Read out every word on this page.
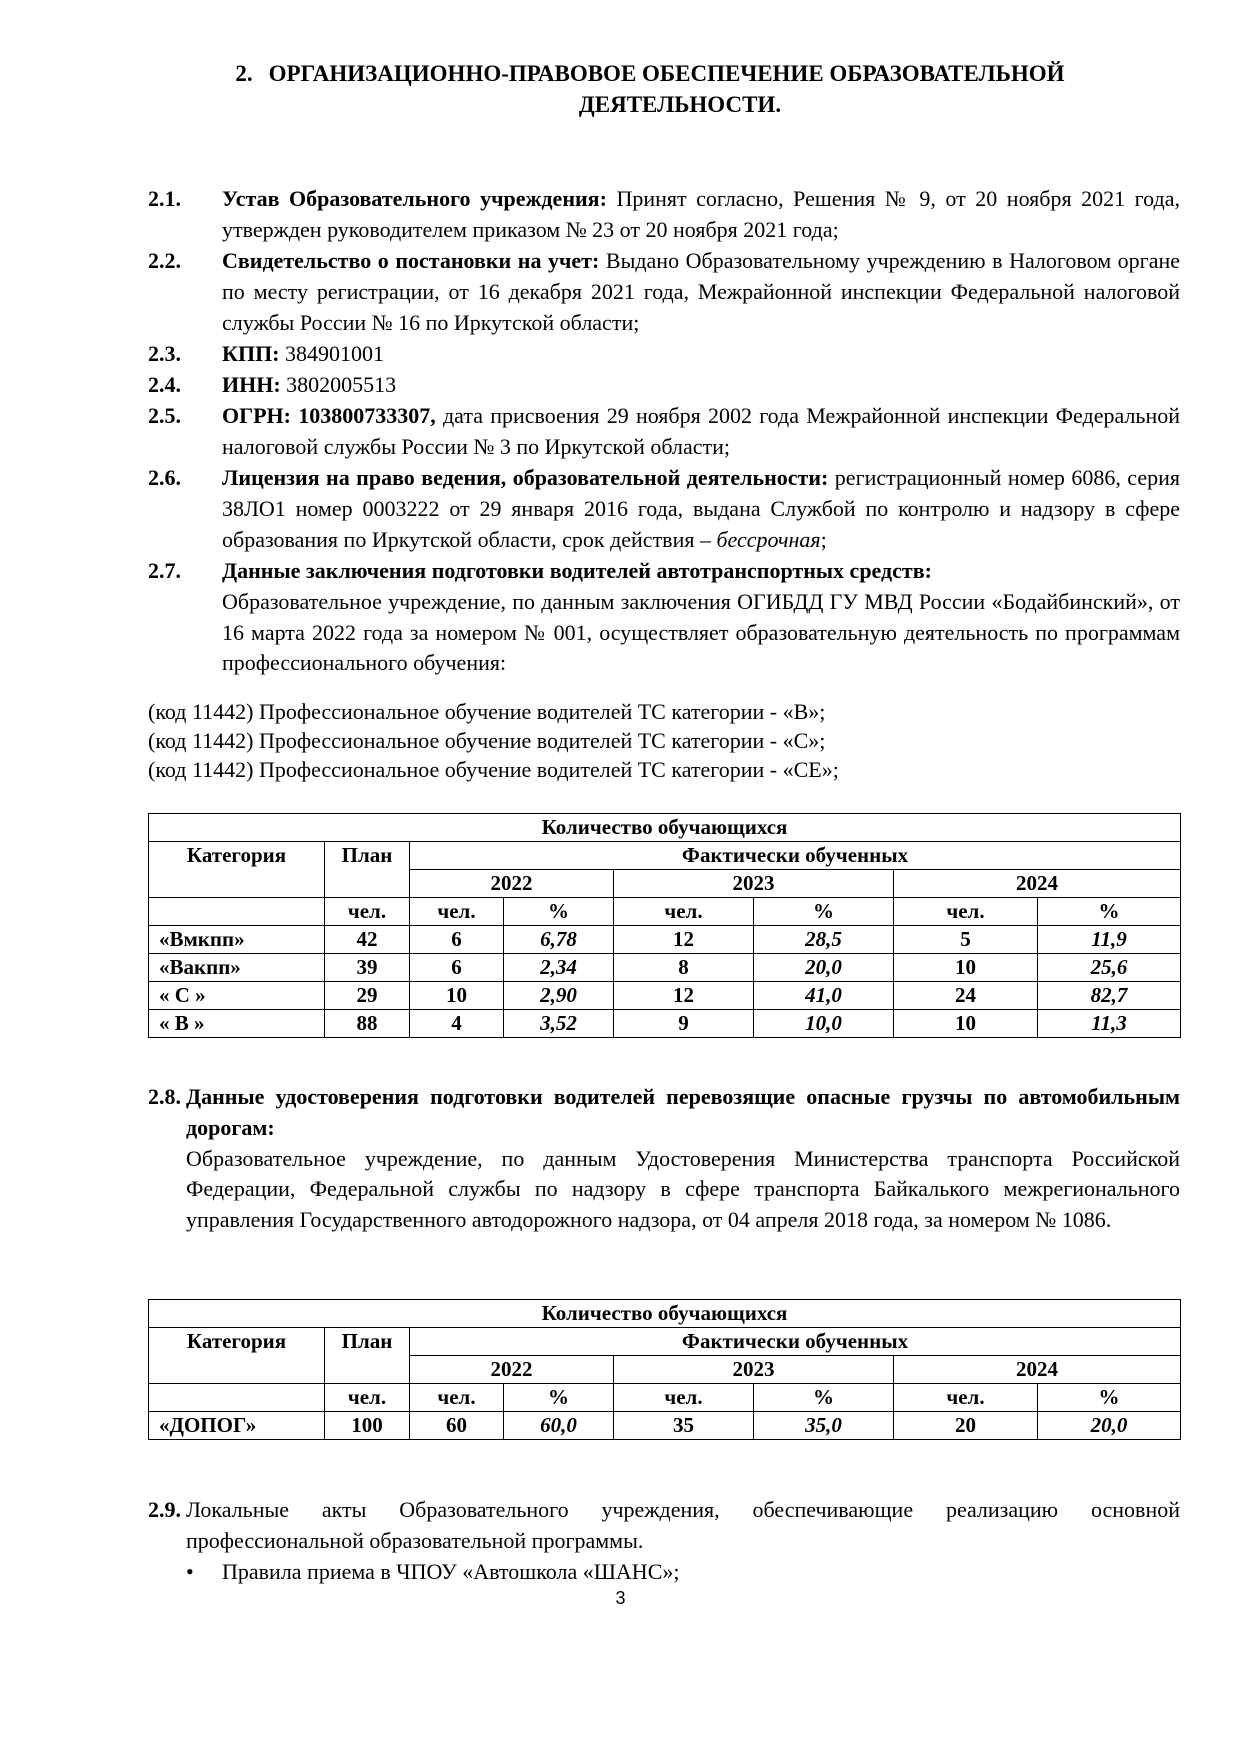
2. ОРГАНИЗАЦИОННО-ПРАВОВОЕ ОБЕСПЕЧЕНИЕ ОБРАЗОВАТЕЛЬНОЙ
ДЕЯТЕЛЬНОСТИ.
2.1. Устав Образовательного учреждения: Принят согласно, Решения № 9, от 20 ноября 2021 года, утвержден руководителем приказом № 23 от 20 ноября 2021 года;
2.2. Свидетельство о постановки на учет: Выдано Образовательному учреждению в Налоговом органе по месту регистрации, от 16 декабря 2021 года, Межрайонной инспекции Федеральной налоговой службы России № 16 по Иркутской области;
2.3. КПП: 384901001
2.4. ИНН: 3802005513
2.5. ОГРН: 103800733307, дата присвоения 29 ноября 2002 года Межрайонной инспекции Федеральной налоговой службы России № 3 по Иркутской области;
2.6. Лицензия на право ведения, образовательной деятельности: регистрационный номер 6086, серия 38ЛО1 номер 0003222 от 29 января 2016 года, выдана Службой по контролю и надзору в сфере образования по Иркутской области, срок действия – бессрочная;
2.7. Данные заключения подготовки водителей автотранспортных средств:
Образовательное учреждение, по данным заключения ОГИБДД ГУ МВД России «Бодайбинский», от 16 марта 2022 года за номером № 001, осуществляет образовательную деятельность по программам профессионального обучения:
(код 11442) Профессиональное обучение водителей ТС категории - «В»;
(код 11442) Профессиональное обучение водителей ТС категории - «С»;
(код 11442) Профессиональное обучение водителей ТС категории - «СЕ»;
Количество обучающихся							
Категория	План	Фактически обученных					
		2022		2023		2024	
	чел.	чел.	%	чел.	%	чел.	%
«Вмкпп»	42	6	6,78	12	28,5	5	11,9
«Вакпп»	39	6	2,34	8	20,0	10	25,6
« С »	29	10	2,90	12	41,0	24	82,7
« В »	88	4	3,52	9	10,0	10	11,3
2.8. Данные удостоверения подготовки водителей перевозящие опасные грузчы по автомобильным дорогам:
Образовательное учреждение, по данным Удостоверения Министерства транспорта Российской Федерации, Федеральной службы по надзору в сфере транспорта Байкалького межрегионального управления Государственного автодорожного надзора, от 04 апреля 2018 года, за номером № 1086.
Количество обучающихся							
Категория	План	Фактически обученных					
		2022		2023		2024	
	чел.	чел.	%	чел.	%	чел.	%
«ДОПОГ»	100	60	60,0	35	35,0	20	20,0
2.9. Локальные акты Образовательного учреждения, обеспечивающие реализацию основной профессиональной образовательной программы.
• Правила приема в ЧПОУ «Автошкола «ШАНС»;
3
